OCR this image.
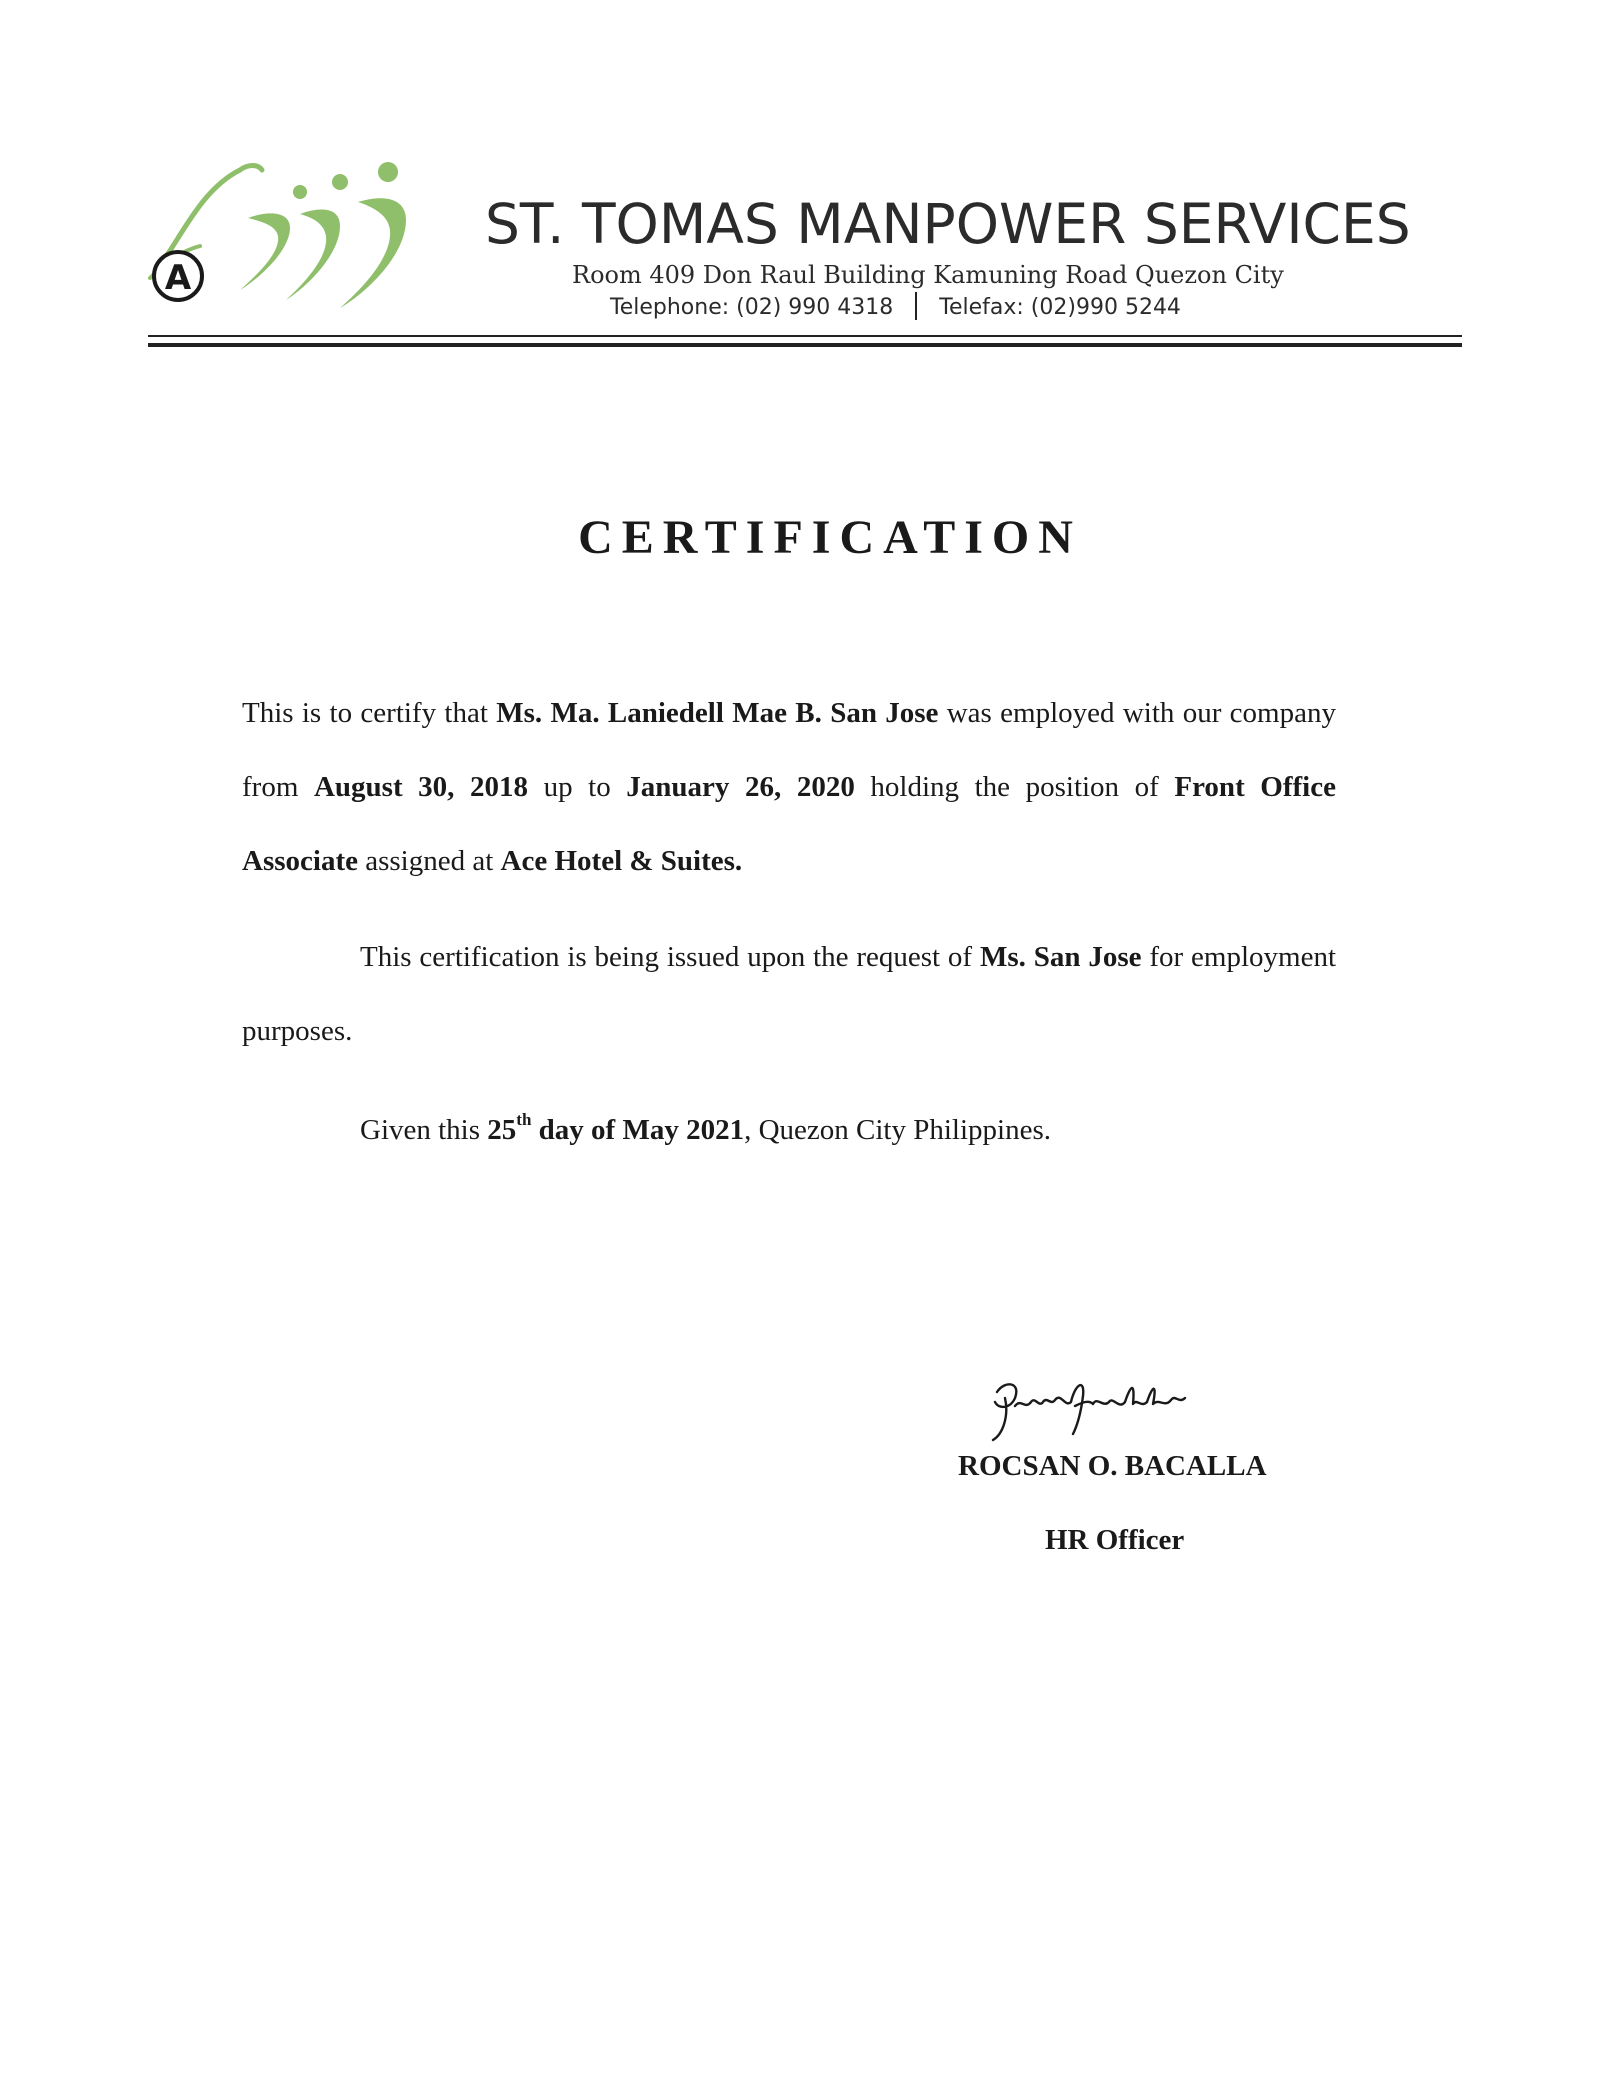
A
ST. TOMAS MANPOWER SERVICES
Room 409 Don Raul Building Kamuning Road Quezon City
Telephone: (02) 990 4318 Telefax: (02)990 5244
CERTIFICATION
This is to certify that Ms. Ma. Laniedell Mae B. San Jose was employed with our company from August 30, 2018 up to January 26, 2020 holding the position of Front Office Associate assigned at Ace Hotel & Suites.
This certification is being issued upon the request of Ms. San Jose for employment purposes.
Given this 25th day of May 2021, Quezon City Philippines.
ROCSAN O. BACALLA
HR Officer
